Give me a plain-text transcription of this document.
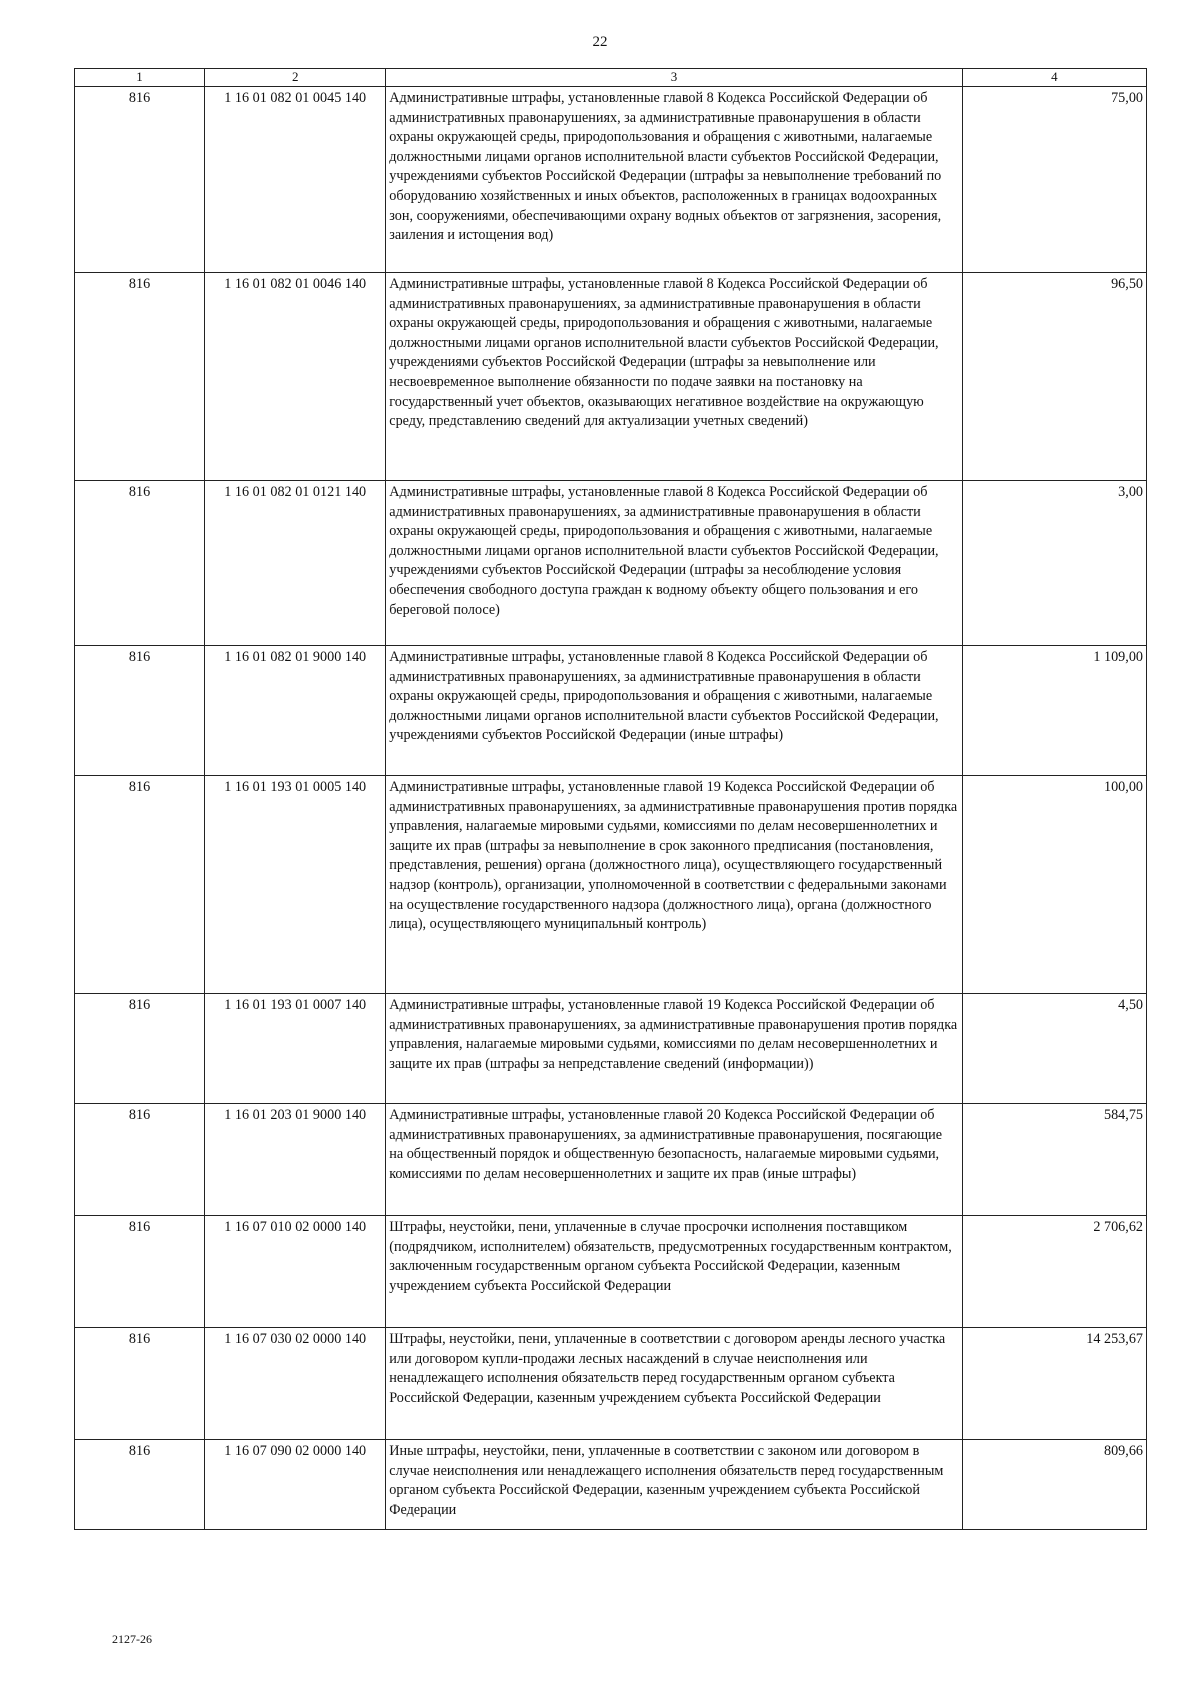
22
1	2	3	4
816	1 16 01 082 01 0045 140	Административные штрафы, установленные главой 8 Кодекса Российской Федерации об административных правонарушениях, за административные правонарушения в области охраны окружающей среды, природопользования и обращения с животными, налагаемые должностными лицами органов исполнительной власти субъектов Российской Федерации, учреждениями субъектов Российской Федерации (штрафы за невыполнение требований по оборудованию хозяйственных и иных объектов, расположенных в границах водоохранных зон, сооружениями, обеспечивающими охрану водных объектов от загрязнения, засорения, заиления и истощения вод)	75,00
816	1 16 01 082 01 0046 140	Административные штрафы, установленные главой 8 Кодекса Российской Федерации об административных правонарушениях, за административные правонарушения в области охраны окружающей среды, природопользования и обращения с животными, налагаемые должностными лицами органов исполнительной власти субъектов Российской Федерации, учреждениями субъектов Российской Федерации (штрафы за невыполнение или несвоевременное выполнение обязанности по подаче заявки на постановку на государственный учет объектов, оказывающих негативное воздействие на окружающую среду, представлению сведений для актуализации учетных сведений)	96,50
816	1 16 01 082 01 0121 140	Административные штрафы, установленные главой 8 Кодекса Российской Федерации об административных правонарушениях, за административные правонарушения в области охраны окружающей среды, природопользования и обращения с животными, налагаемые должностными лицами органов исполнительной власти субъектов Российской Федерации, учреждениями субъектов Российской Федерации (штрафы за несоблюдение условия обеспечения свободного доступа граждан к водному объекту общего пользования и его береговой полосе)	3,00
816	1 16 01 082 01 9000 140	Административные штрафы, установленные главой 8 Кодекса Российской Федерации об административных правонарушениях, за административные правонарушения в области охраны окружающей среды, природопользования и обращения с животными, налагаемые должностными лицами органов исполнительной власти субъектов Российской Федерации, учреждениями субъектов Российской Федерации (иные штрафы)	1 109,00
816	1 16 01 193 01 0005 140	Административные штрафы, установленные главой 19 Кодекса Российской Федерации об административных правонарушениях, за административные правонарушения против порядка управления, налагаемые мировыми судьями, комиссиями по делам несовершеннолетних и защите их прав (штрафы за невыполнение в срок законного предписания (постановления, представления, решения) органа (должностного лица), осуществляющего государственный надзор (контроль), организации, уполномоченной в соответствии с федеральными законами на осуществление государственного надзора (должностного лица), органа (должностного лица), осуществляющего муниципальный контроль)	100,00
816	1 16 01 193 01 0007 140	Административные штрафы, установленные главой 19 Кодекса Российской Федерации об административных правонарушениях, за административные правонарушения против порядка управления, налагаемые мировыми судьями, комиссиями по делам несовершеннолетних и защите их прав (штрафы за непредставление сведений (информации))	4,50
816	1 16 01 203 01 9000 140	Административные штрафы, установленные главой 20 Кодекса Российской Федерации об административных правонарушениях, за административные правонарушения, посягающие на общественный порядок и общественную безопасность, налагаемые мировыми судьями, комиссиями по делам несовершеннолетних и защите их прав (иные штрафы)	584,75
816	1 16 07 010 02 0000 140	Штрафы, неустойки, пени, уплаченные в случае просрочки исполнения поставщиком (подрядчиком, исполнителем) обязательств, предусмотренных государственным контрактом, заключенным государственным органом субъекта Российской Федерации, казенным учреждением субъекта Российской Федерации	2 706,62
816	1 16 07 030 02 0000 140	Штрафы, неустойки, пени, уплаченные в соответствии с договором аренды лесного участка или договором купли-продажи лесных насаждений в случае неисполнения или ненадлежащего исполнения обязательств перед государственным органом субъекта Российской Федерации, казенным учреждением субъекта Российской Федерации	14 253,67
816	1 16 07 090 02 0000 140	Иные штрафы, неустойки, пени, уплаченные в соответствии с законом или договором в случае неисполнения или ненадлежащего исполнения обязательств перед государственным органом субъекта Российской Федерации, казенным учреждением субъекта Российской Федерации	809,66
2127-26
